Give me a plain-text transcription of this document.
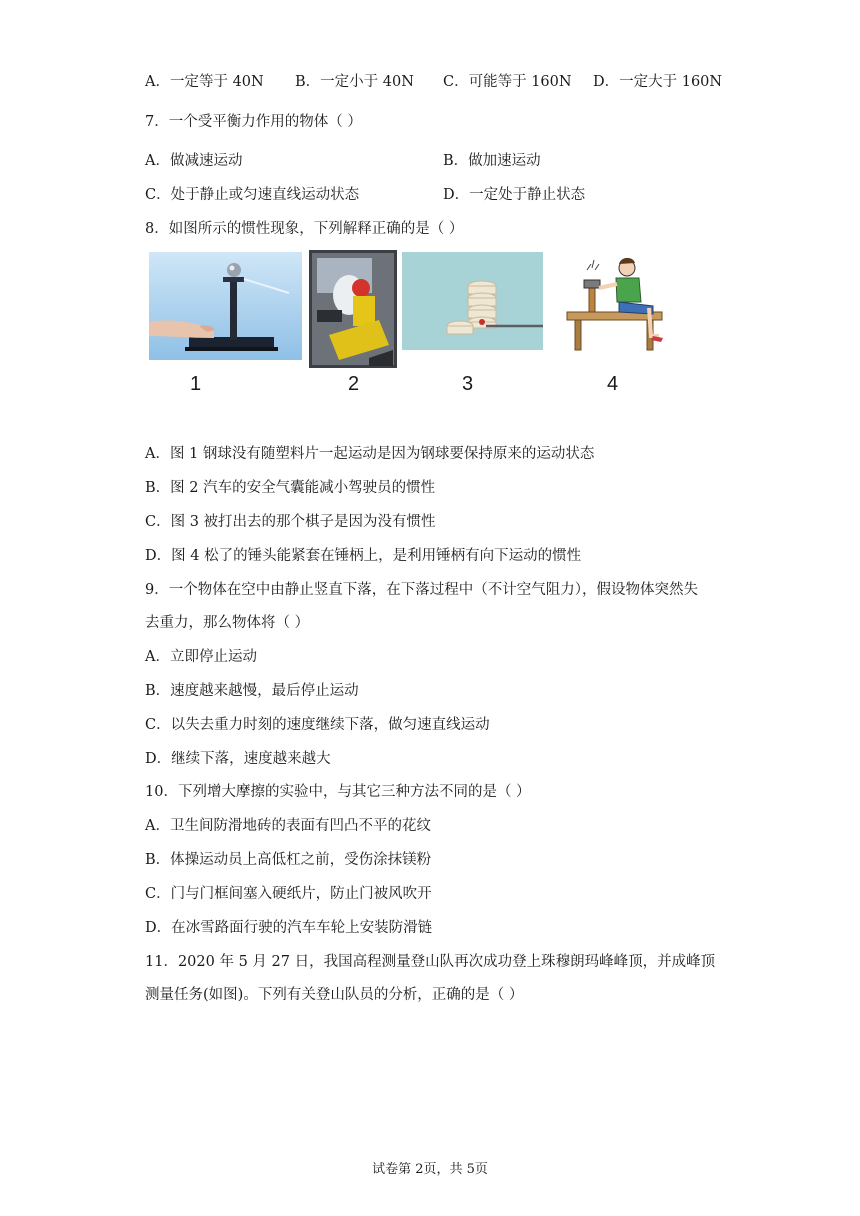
A．一定等于 40N B．一定小于 40N C．可能等于 160N D．一定大于 160N
7．一个受平衡力作用的物体（ ）
A．做减速运动	B．做加速运动
C．处于静止或匀速直线运动状态	D．一定处于静止状态
8．如图所示的惯性现象，下列解释正确的是（ ）
1	2	3	4
A．图 1 钢球没有随塑料片一起运动是因为钢球要保持原来的运动状态
B．图 2 汽车的安全气囊能减小驾驶员的惯性
C．图 3 被打出去的那个棋子是因为没有惯性
D．图 4 松了的锤头能紧套在锤柄上，是利用锤柄有向下运动的惯性
9．一个物体在空中由静止竖直下落，在下落过程中（不计空气阻力），假设物体突然失
去重力，那么物体将（ ）
A．立即停止运动
B．速度越来越慢，最后停止运动
C．以失去重力时刻的速度继续下落，做匀速直线运动
D．继续下落，速度越来越大
10．下列增大摩擦的实验中，与其它三种方法不同的是（ ）
A．卫生间防滑地砖的表面有凹凸不平的花纹
B．体操运动员上高低杠之前，受伤涂抹镁粉
C．门与门框间塞入硬纸片，防止门被风吹开
D．在冰雪路面行驶的汽车车轮上安装防滑链
11．2020 年 5 月 27 日，我国高程测量登山队再次成功登上珠穆朗玛峰峰顶，并成峰顶
测量任务(如图)。下列有关登山队员的分析，正确的是（ ）
试卷第 2页，共 5页
